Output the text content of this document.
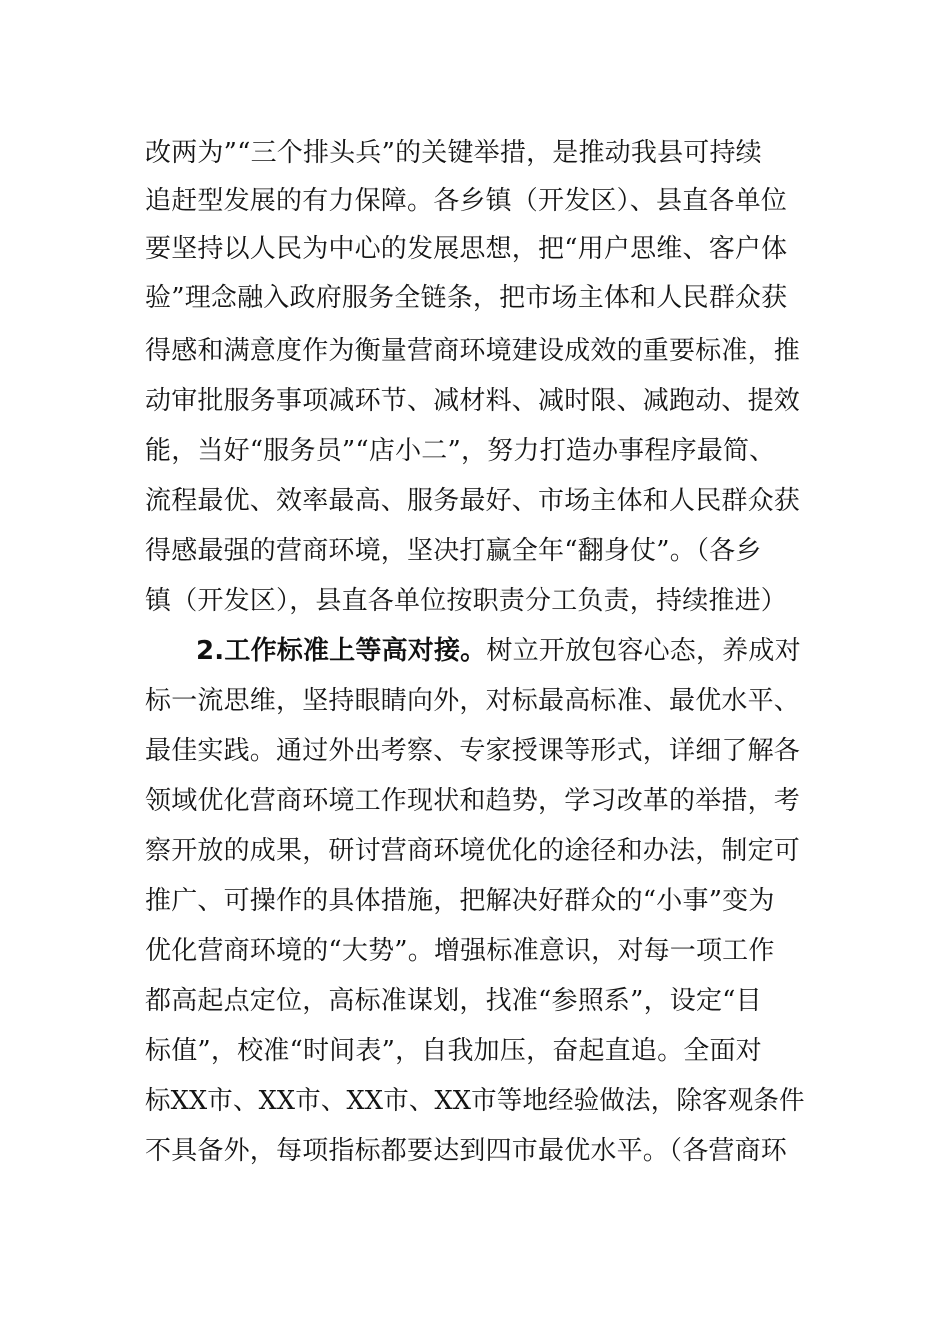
改两为”“三个排头兵”的关键举措，是推动我县可持续
追赶型发展的有力保障。各乡镇（开发区）、县直各单位
要坚持以人民为中心的发展思想，把“用户思维、客户体
验”理念融入政府服务全链条，把市场主体和人民群众获
得感和满意度作为衡量营商环境建设成效的重要标准，推
动审批服务事项减环节、减材料、减时限、减跑动、提效
能，当好“服务员”“店小二”，努力打造办事程序最简、
流程最优、效率最高、服务最好、市场主体和人民群众获
得感最强的营商环境，坚决打赢全年“翻身仗”。（各乡
镇（开发区），县直各单位按职责分工负责，持续推进）
2.工作标准上等高对接。树立开放包容心态，养成对
标一流思维，坚持眼睛向外，对标最高标准、最优水平、
最佳实践。通过外出考察、专家授课等形式，详细了解各
领域优化营商环境工作现状和趋势，学习改革的举措，考
察开放的成果，研讨营商环境优化的途径和办法，制定可
推广、可操作的具体措施，把解决好群众的“小事”变为
优化营商环境的“大势”。增强标准意识，对每一项工作
都高起点定位，高标准谋划，找准“参照系”，设定“目
标值”，校准“时间表”，自我加压，奋起直追。全面对
标XX市、XX市、XX市、XX市等地经验做法，除客观条件
不具备外，每项指标都要达到四市最优水平。（各营商环
